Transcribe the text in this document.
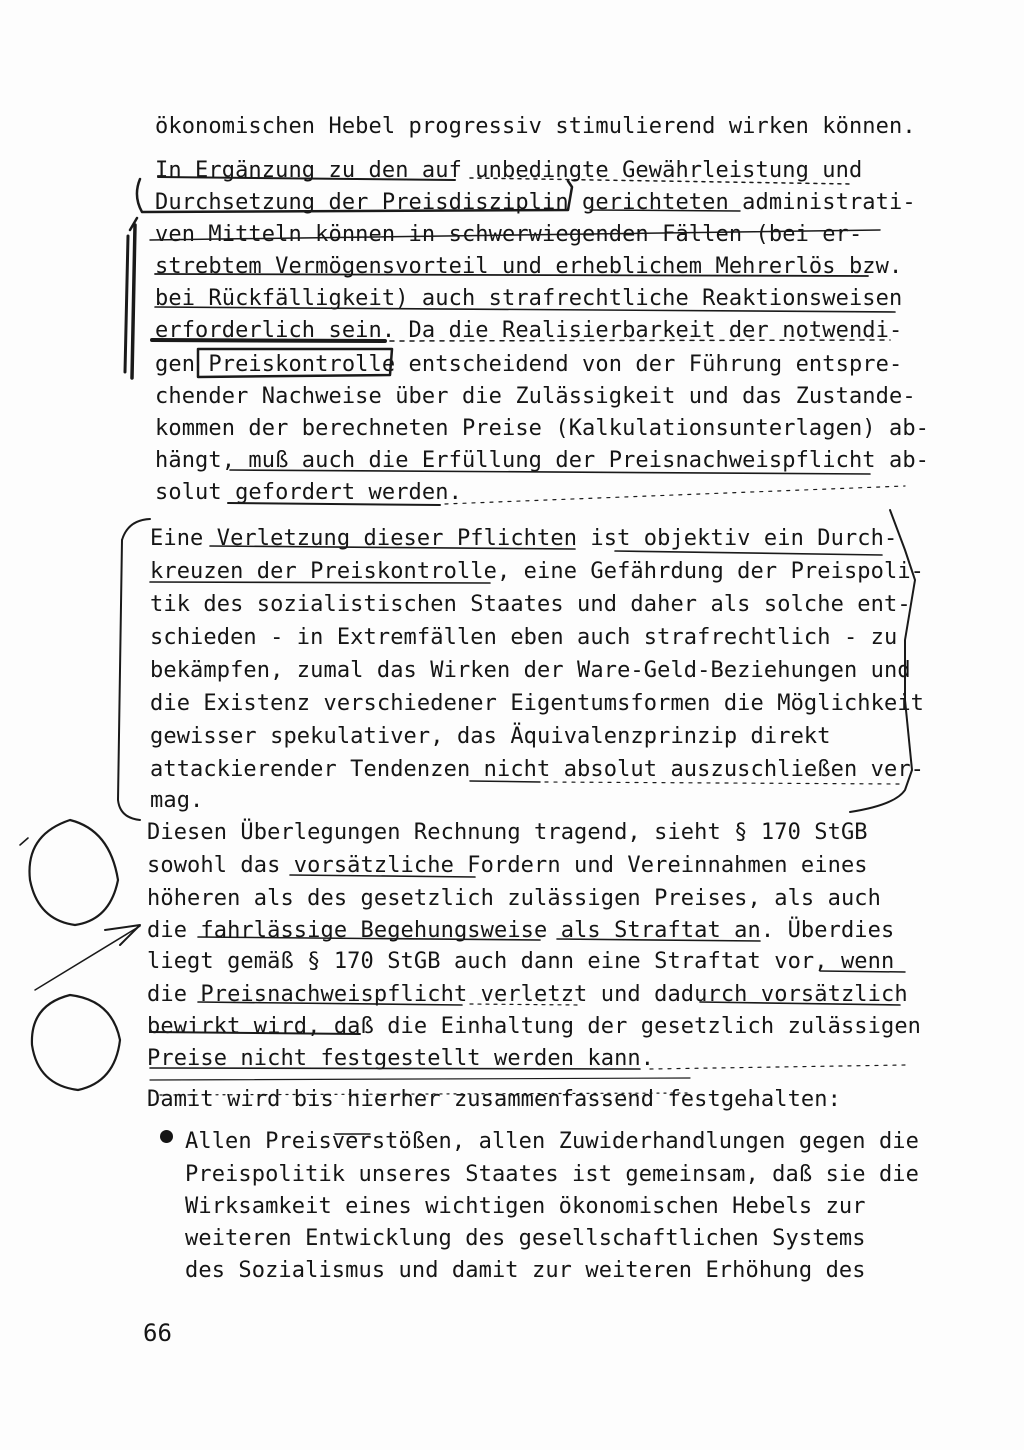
ökonomischen Hebel progressiv stimulierend wirken können.
In Ergänzung zu den auf unbedingte Gewährleistung und
Durchsetzung der Preisdisziplin gerichteten administrati-
ven Mitteln können in schwerwiegenden Fällen (bei er-
strebtem Vermögensvorteil und erheblichem Mehrerlös bzw.
bei Rückfälligkeit) auch strafrechtliche Reaktionsweisen
erforderlich sein. Da die Realisierbarkeit der notwendi-
gen Preiskontrolle entscheidend von der Führung entspre-
chender Nachweise über die Zulässigkeit und das Zustande-
kommen der berechneten Preise (Kalkulationsunterlagen) ab-
hängt, muß auch die Erfüllung der Preisnachweispflicht ab-
solut gefordert werden.
Eine Verletzung dieser Pflichten ist objektiv ein Durch-
kreuzen der Preiskontrolle, eine Gefährdung der Preispoli-
tik des sozialistischen Staates und daher als solche ent-
schieden - in Extremfällen eben auch strafrechtlich - zu
bekämpfen, zumal das Wirken der Ware-Geld-Beziehungen und
die Existenz verschiedener Eigentumsformen die Möglichkeit
gewisser spekulativer, das Äquivalenzprinzip direkt
attackierender Tendenzen nicht absolut auszuschließen ver-
mag.
Diesen Überlegungen Rechnung tragend, sieht § 170 StGB
sowohl das vorsätzliche Fordern und Vereinnahmen eines
höheren als des gesetzlich zulässigen Preises, als auch
die fahrlässige Begehungsweise als Straftat an. Überdies
liegt gemäß § 170 StGB auch dann eine Straftat vor, wenn
die Preisnachweispflicht verletzt und dadurch vorsätzlich
bewirkt wird, daß die Einhaltung der gesetzlich zulässigen
Preise nicht festgestellt werden kann.
Damit wird bis hierher zusammenfassend festgehalten:
Allen Preisverstößen, allen Zuwiderhandlungen gegen die
Preispolitik unseres Staates ist gemeinsam, daß sie die
Wirksamkeit eines wichtigen ökonomischen Hebels zur
weiteren Entwicklung des gesellschaftlichen Systems
des Sozialismus und damit zur weiteren Erhöhung des
66
